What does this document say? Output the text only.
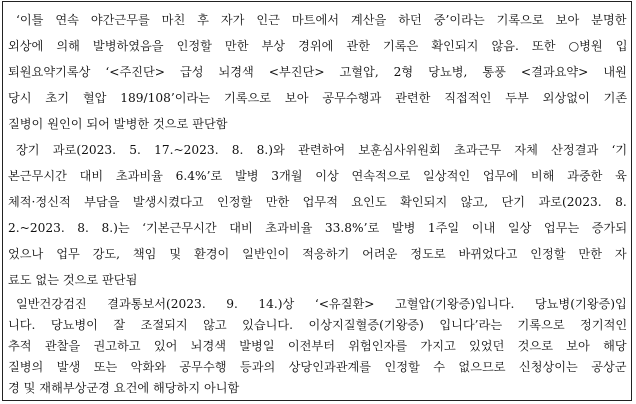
‘이틀 연속 야간근무를 마친 후 자가 인근 마트에서 계산을 하던 중’이라는 기록으로 보아 분명한
외상에 의해 발병하였음을 인정할 만한 부상 경위에 관한 기록은 확인되지 않음. 또한 ○병원 입
퇴원요약기록상 ‘<주진단> 급성 뇌경색 <부진단> 고혈압, 2형 당뇨병, 통풍 <결과요약> 내원
당시 초기 혈압 189/108’이라는 기록으로 보아 공무수행과 관련한 직접적인 두부 외상없이 기존
질병이 원인이 되어 발병한 것으로 판단함
장기 과로(2023. 5. 17.~2023. 8. 8.)와 관련하여 보훈심사위원회 초과근무 자체 산정결과 ‘기
본근무시간 대비 초과비율 6.4%’로 발병 3개월 이상 연속적으로 일상적인 업무에 비해 과중한 육
체적·정신적 부담을 발생시켰다고 인정할 만한 업무적 요인도 확인되지 않고, 단기 과로(2023. 8.
2.~2023. 8. 8.)는 ‘기본근무시간 대비 초과비율 33.8%’로 발병 1주일 이내 일상 업무는 증가되
었으나 업무 강도, 책임 및 환경이 일반인이 적응하기 어려운 정도로 바뀌었다고 인정할 만한 자
료도 없는 것으로 판단됨
일반건강검진 결과통보서(2023. 9. 14.)상 ‘<유질환> 고혈압(기왕증)입니다. 당뇨병(기왕증)입
니다. 당뇨병이 잘 조절되지 않고 있습니다. 이상지질혈증(기왕증) 입니다’라는 기록으로 정기적인
추적 관찰을 권고하고 있어 뇌경색 발병일 이전부터 위험인자를 가지고 있었던 것으로 보아 해당
질병의 발생 또는 악화와 공무수행 등과의 상당인과관계를 인정할 수 없으므로 신청상이는 공상군
경 및 재해부상군경 요건에 해당하지 아니함
